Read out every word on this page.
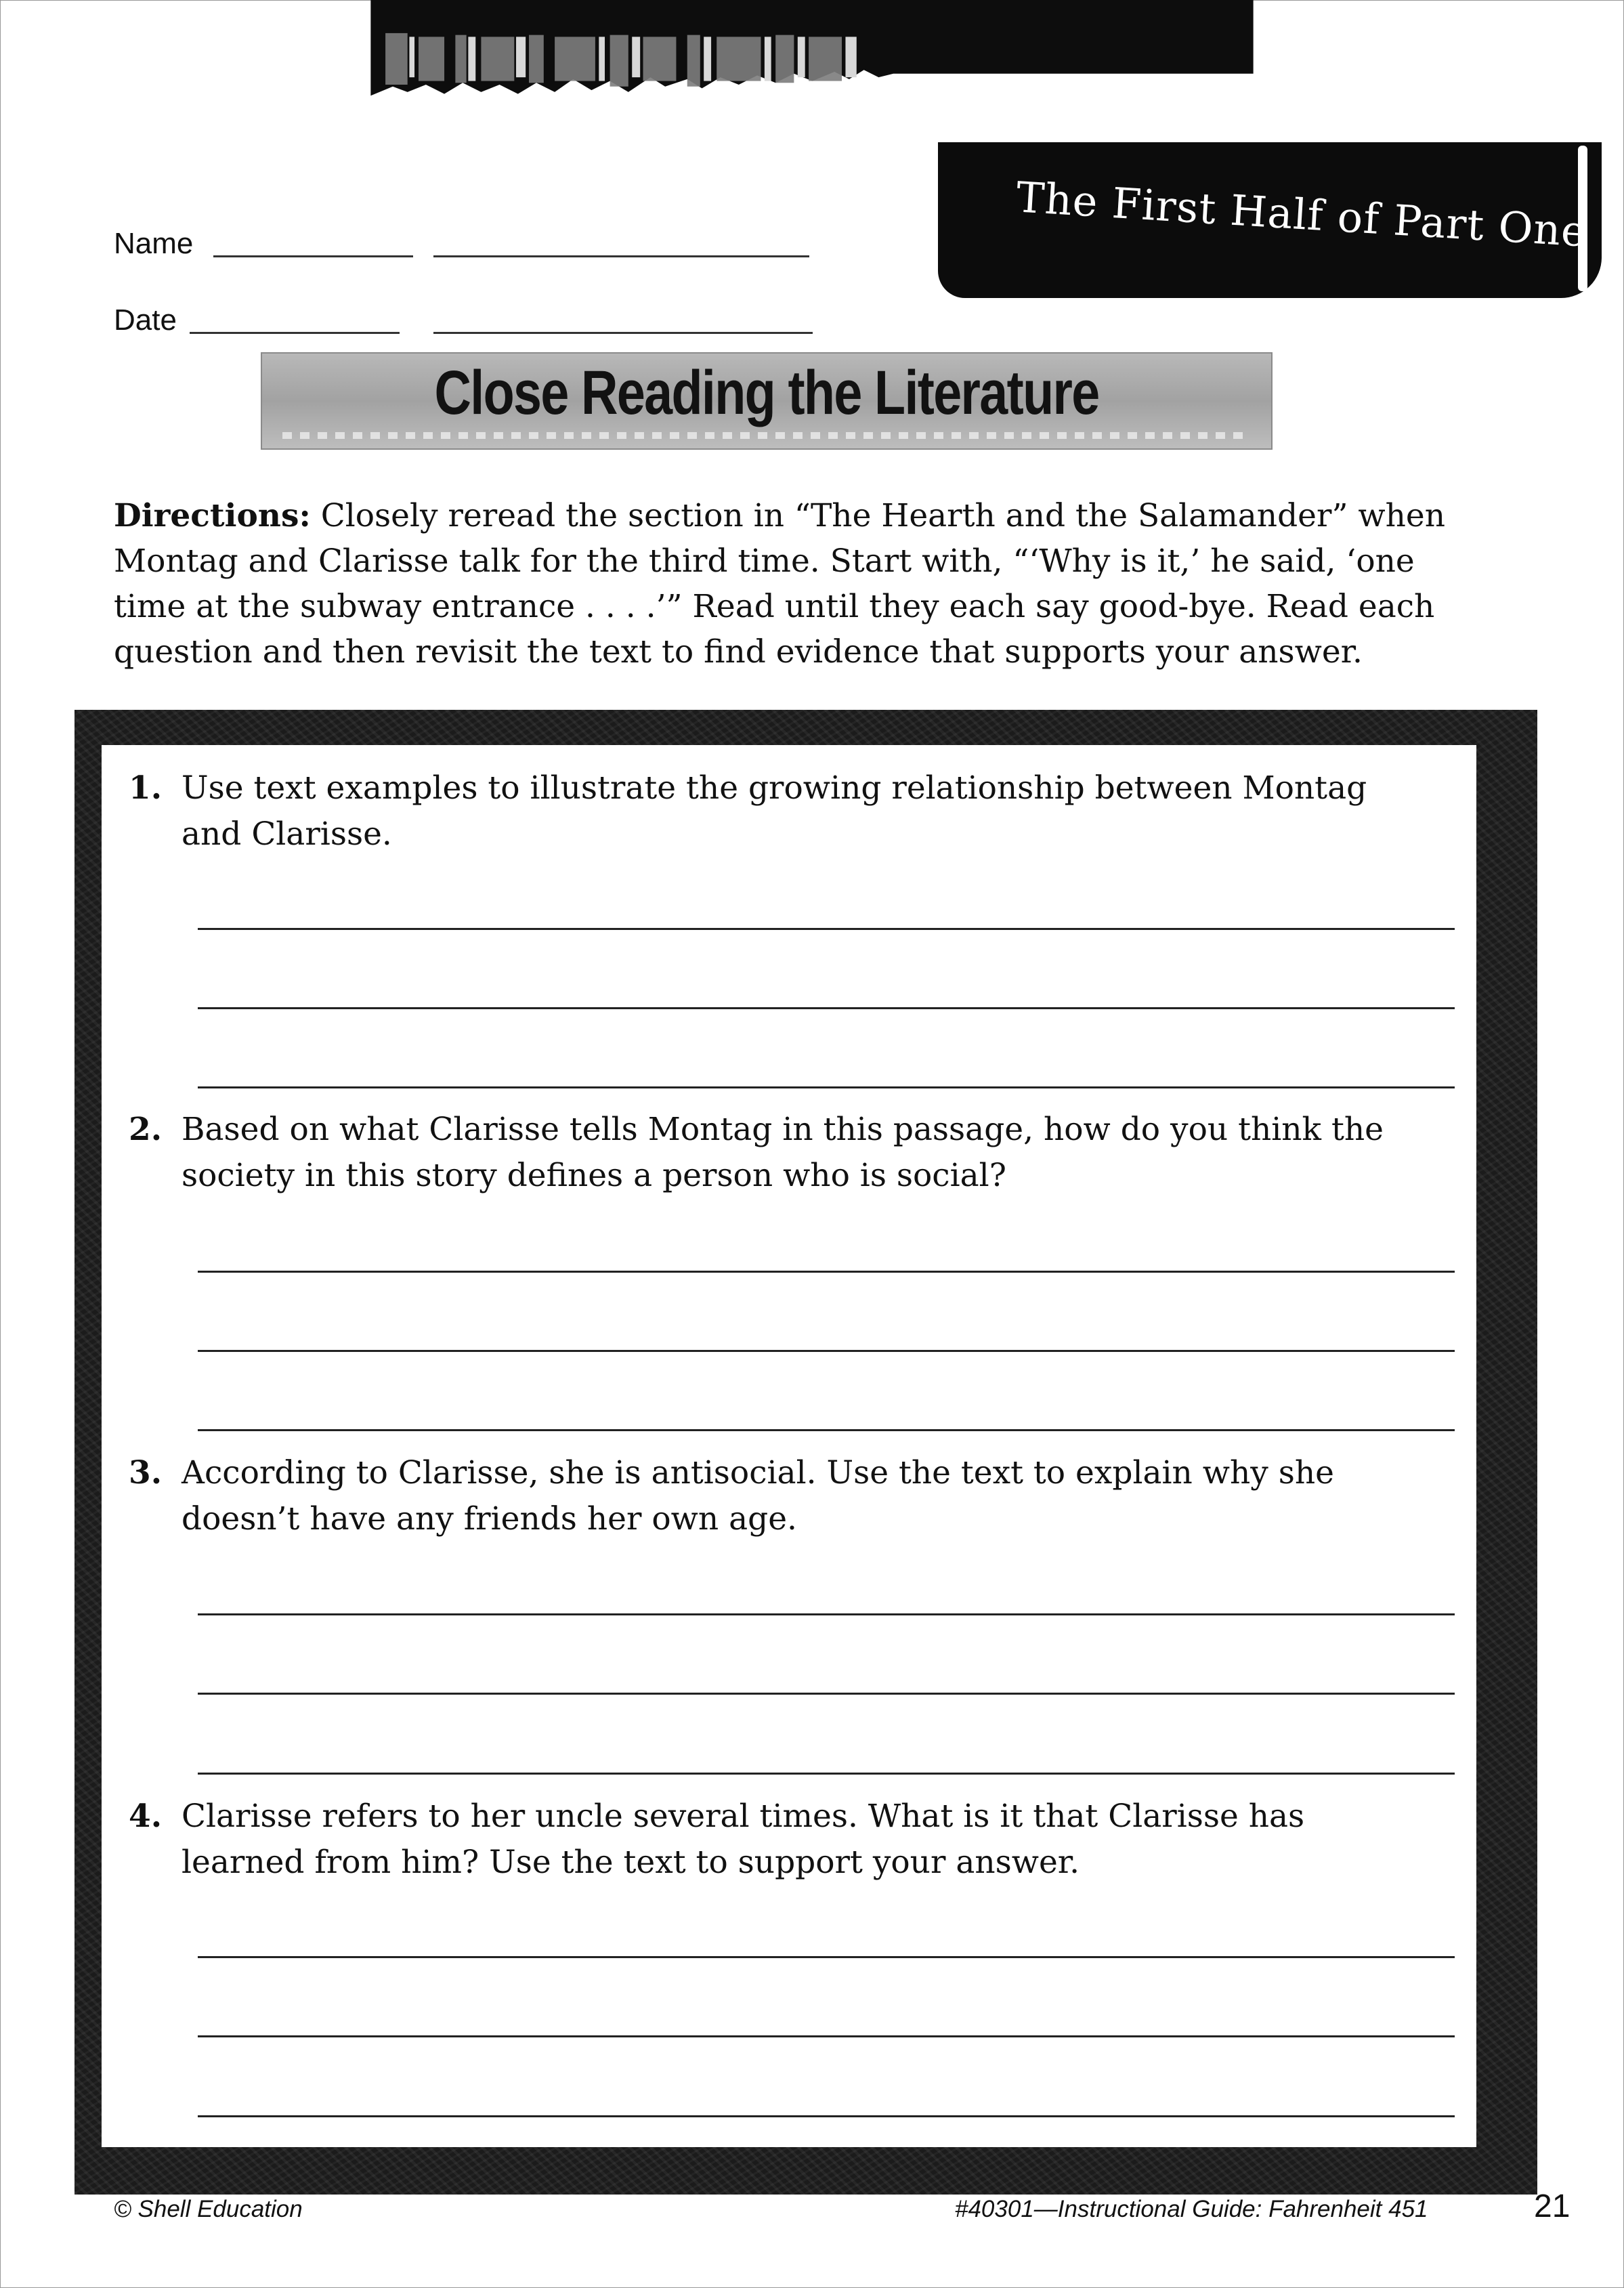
The First Half of Part One
Name
Date
Close Reading the Literature
Directions: Closely reread the section in “The Hearth and the Salamander” when Montag and Clarisse talk for the third time. Start with, “‘Why is it,’ he said, ‘one time at the subway entrance . . . .’” Read until they each say good-bye. Read each question and then revisit the text to find evidence that supports your answer.
1. Use text examples to illustrate the growing relationship between Montag and Clarisse.
2. Based on what Clarisse tells Montag in this passage, how do you think the society in this story defines a person who is social?
3. According to Clarisse, she is antisocial. Use the text to explain why she doesn’t have any friends her own age.
4. Clarisse refers to her uncle several times. What is it that Clarisse has learned from him? Use the text to support your answer.
© Shell Education	#40301—Instructional Guide: Fahrenheit 451	21
